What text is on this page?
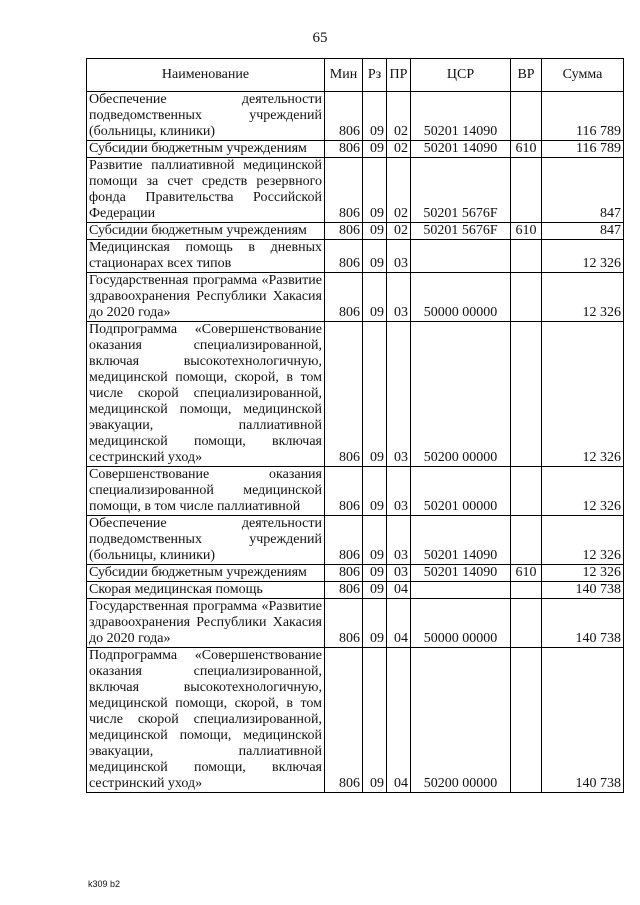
65
Наименование	Мин	Рз	ПР	ЦСР	ВР	Сумма
Обеспечение деятельности подведомственных учреждений (больницы, клиники)	806	09	02	50201 14090		116 789
Субсидии бюджетным учреждениям	806	09	02	50201 14090	610	116 789
Развитие паллиативной медицинской помощи за счет средств резервного фонда Правительства Российской Федерации	806	09	02	50201 5676F		847
Субсидии бюджетным учреждениям	806	09	02	50201 5676F	610	847
Медицинская помощь в дневных стационарах всех типов	806	09	03			12 326
Государственная программа «Развитие здравоохранения Республики Хакасия до 2020 года»	806	09	03	50000 00000		12 326
Подпрограмма «Совершенствование оказания специализированной, включая высокотехнологичную, медицинской помощи, скорой, в том числе скорой специализированной, медицинской помощи, медицинской эвакуации, паллиативной медицинской помощи, включая сестринский уход»	806	09	03	50200 00000		12 326
Совершенствование оказания специализированной медицинской помощи, в том числе паллиативной	806	09	03	50201 00000		12 326
Обеспечение деятельности подведомственных учреждений (больницы, клиники)	806	09	03	50201 14090		12 326
Субсидии бюджетным учреждениям	806	09	03	50201 14090	610	12 326
Скорая медицинская помощь	806	09	04			140 738
Государственная программа «Развитие здравоохранения Республики Хакасия до 2020 года»	806	09	04	50000 00000		140 738
Подпрограмма «Совершенствование оказания специализированной, включая высокотехнологичную, медицинской помощи, скорой, в том числе скорой специализированной, медицинской помощи, медицинской эвакуации, паллиативной медицинской помощи, включая сестринский уход»	806	09	04	50200 00000		140 738
k309 b2
